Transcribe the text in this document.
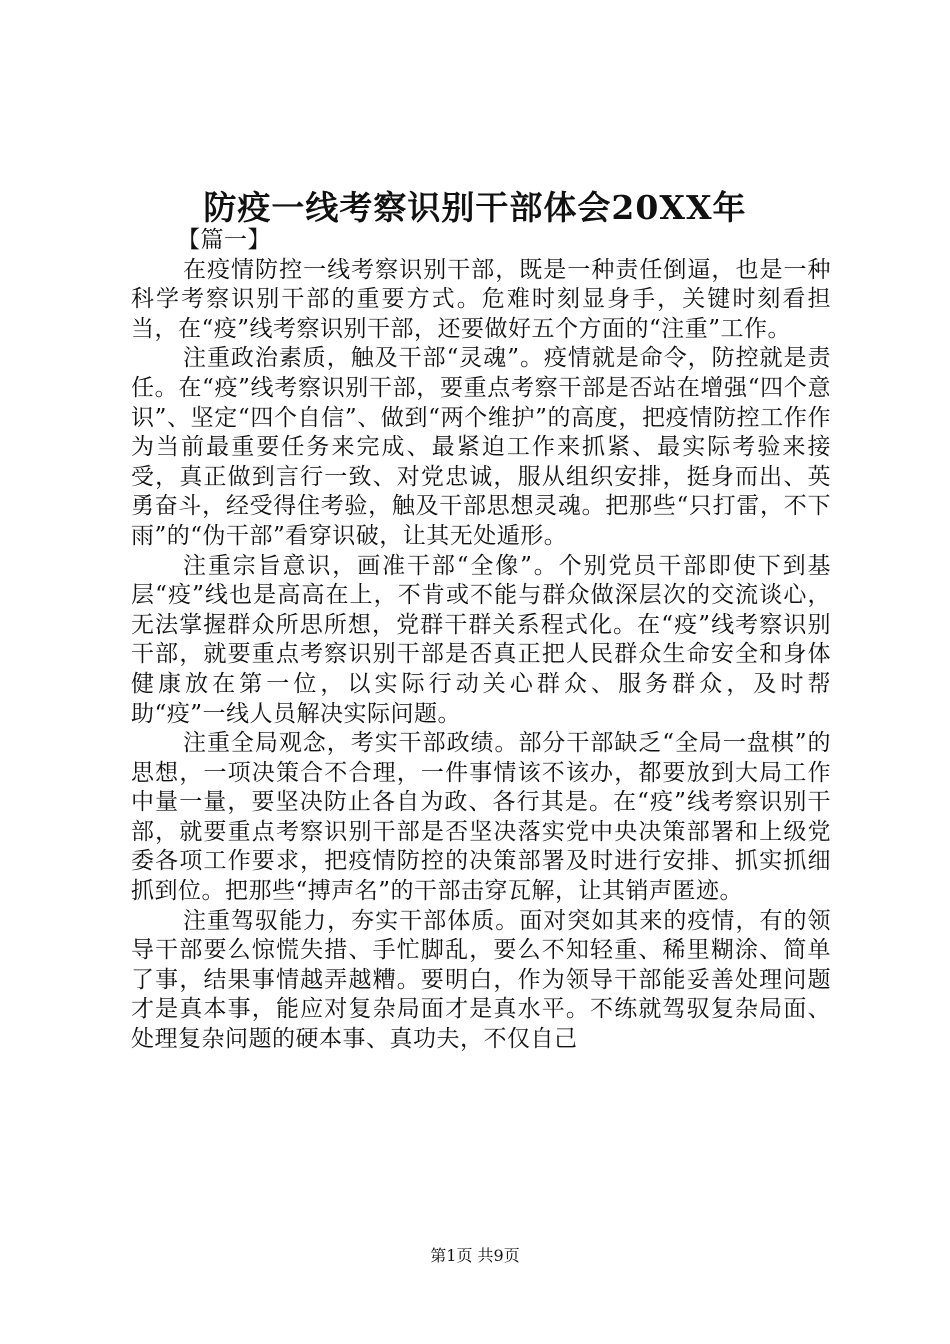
防疫一线考察识别干部体会20XX年

【篇一】

在疫情防控一线考察识别干部，既是一种责任倒逼，也是一种科学考察识别干部的重要方式。危难时刻显身手，关键时刻看担当，在“疫”线考察识别干部，还要做好五个方面的“注重”工作。

注重政治素质，触及干部“灵魂”。疫情就是命令，防控就是责任。在“疫”线考察识别干部，要重点考察干部是否站在增强“四个意识”、坚定“四个自信”、做到“两个维护”的高度，把疫情防控工作作为当前最重要任务来完成、最紧迫工作来抓紧、最实际考验来接受，真正做到言行一致、对党忠诚，服从组织安排，挺身而出、英勇奋斗，经受得住考验，触及干部思想灵魂。把那些“只打雷，不下雨”的“伪干部”看穿识破，让其无处遁形。

注重宗旨意识，画准干部“全像”。个别党员干部即使下到基层“疫”线也是高高在上，不肯或不能与群众做深层次的交流谈心，无法掌握群众所思所想，党群干群关系程式化。在“疫”线考察识别干部，就要重点考察识别干部是否真正把人民群众生命安全和身体健康放在第一位，以实际行动关心群众、服务群众，及时帮助“疫”一线人员解决实际问题。

注重全局观念，考实干部政绩。部分干部缺乏“全局一盘棋”的思想，一项决策合不合理，一件事情该不该办，都要放到大局工作中量一量，要坚决防止各自为政、各行其是。在“疫”线考察识别干部，就要重点考察识别干部是否坚决落实党中央决策部署和上级党委各项工作要求，把疫情防控的决策部署及时进行安排、抓实抓细抓到位。把那些“搏声名”的干部击穿瓦解，让其销声匿迹。

注重驾驭能力，夯实干部体质。面对突如其来的疫情，有的领导干部要么惊慌失措、手忙脚乱，要么不知轻重、稀里糊涂、简单了事，结果事情越弄越糟。要明白，作为领导干部能妥善处理问题才是真本事，能应对复杂局面才是真水平。不练就驾驭复杂局面、处理复杂问题的硬本事、真功夫，不仅自己

第1页 共9页
